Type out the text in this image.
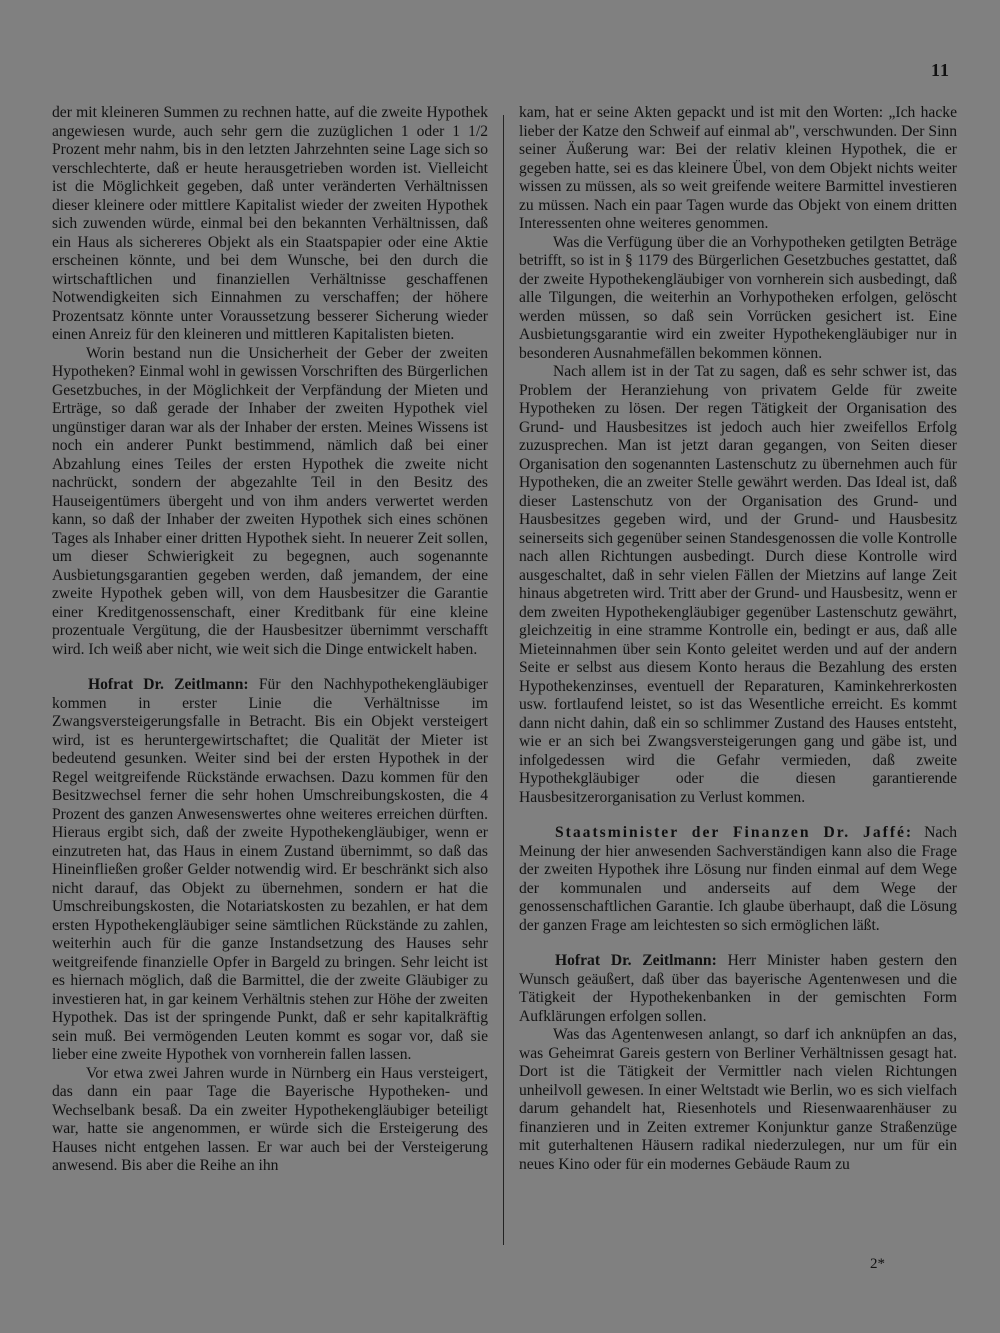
11

der mit kleineren Summen zu rechnen hatte, auf die zweite Hypothek angewiesen wurde, auch sehr gern die zuzüglichen 1 oder 1 1/2 Prozent mehr nahm, bis in den letzten Jahrzehnten seine Lage sich so verschlechterte, daß er heute herausgetrieben worden ist. Vielleicht ist die Möglichkeit gegeben, daß unter veränderten Verhältnissen dieser kleinere oder mittlere Kapitalist wieder der zweiten Hypothek sich zuwenden würde, einmal bei den bekannten Verhältnissen, daß ein Haus als sichereres Objekt als ein Staatspapier oder eine Aktie erscheinen könnte, und bei dem Wunsche, bei den durch die wirtschaftlichen und finanziellen Verhältnisse geschaffenen Notwendigkeiten sich Einnahmen zu verschaffen; der höhere Prozentsatz könnte unter Voraussetzung besserer Sicherung wieder einen Anreiz für den kleineren und mittleren Kapitalisten bieten.

Worin bestand nun die Unsicherheit der Geber der zweiten Hypotheken? Einmal wohl in gewissen Vorschriften des Bürgerlichen Gesetzbuches, in der Möglichkeit der Verpfändung der Mieten und Erträge, so daß gerade der Inhaber der zweiten Hypothek viel ungünstiger daran war als der Inhaber der ersten. Meines Wissens ist noch ein anderer Punkt bestimmend, nämlich daß bei einer Abzahlung eines Teiles der ersten Hypothek die zweite nicht nachrückt, sondern der abgezahlte Teil in den Besitz des Hauseigentümers übergeht und von ihm anders verwertet werden kann, so daß der Inhaber der zweiten Hypothek sich eines schönen Tages als Inhaber einer dritten Hypothek sieht. In neuerer Zeit sollen, um dieser Schwierigkeit zu begegnen, auch sogenannte Ausbietungsgarantien gegeben werden, daß jemandem, der eine zweite Hypothek geben will, von dem Hausbesitzer die Garantie einer Kreditgenossenschaft, einer Kreditbank für eine kleine prozentuale Vergütung, die der Hausbesitzer übernimmt verschafft wird. Ich weiß aber nicht, wie weit sich die Dinge entwickelt haben.

Hofrat Dr. Zeitlmann: Für den Nachhypothekengläubiger kommen in erster Linie die Verhältnisse im Zwangsversteigerungsfalle in Betracht. Bis ein Objekt versteigert wird, ist es heruntergewirtschaftet; die Qualität der Mieter ist bedeutend gesunken. Weiter sind bei der ersten Hypothek in der Regel weitgreifende Rückstände erwachsen. Dazu kommen für den Besitzwechsel ferner die sehr hohen Umschreibungskosten, die 4 Prozent des ganzen Anwesenswertes ohne weiteres erreichen dürften. Hieraus ergibt sich, daß der zweite Hypothekengläubiger, wenn er einzutreten hat, das Haus in einem Zustand übernimmt, so daß das Hineinfließen großer Gelder notwendig wird. Er beschränkt sich also nicht darauf, das Objekt zu übernehmen, sondern er hat die Umschreibungskosten, die Notariatskosten zu bezahlen, er hat dem ersten Hypothekengläubiger seine sämtlichen Rückstände zu zahlen, weiterhin auch für die ganze Instandsetzung des Hauses sehr weitgreifende finanzielle Opfer in Bargeld zu bringen. Sehr leicht ist es hiernach möglich, daß die Barmittel, die der zweite Gläubiger zu investieren hat, in gar keinem Verhältnis stehen zur Höhe der zweiten Hypothek. Das ist der springende Punkt, daß er sehr kapitalkräftig sein muß. Bei vermögenden Leuten kommt es sogar vor, daß sie lieber eine zweite Hypothek von vornherein fallen lassen.

Vor etwa zwei Jahren wurde in Nürnberg ein Haus versteigert, das dann ein paar Tage die Bayerische Hypotheken- und Wechselbank besaß. Da ein zweiter Hypothekengläubiger beteiligt war, hatte sie angenommen, er würde sich die Ersteigerung des Hauses nicht entgehen lassen. Er war auch bei der Versteigerung anwesend. Bis aber die Reihe an ihn

kam, hat er seine Akten gepackt und ist mit den Worten: „Ich hacke lieber der Katze den Schweif auf einmal ab", verschwunden. Der Sinn seiner Äußerung war: Bei der relativ kleinen Hypothek, die er gegeben hatte, sei es das kleinere Übel, von dem Objekt nichts weiter wissen zu müssen, als so weit greifende weitere Barmittel investieren zu müssen. Nach ein paar Tagen wurde das Objekt von einem dritten Interessenten ohne weiteres genommen.

Was die Verfügung über die an Vorhypotheken getilgten Beträge betrifft, so ist in § 1179 des Bürgerlichen Gesetzbuches gestattet, daß der zweite Hypothekengläubiger von vornherein sich ausbedingt, daß alle Tilgungen, die weiterhin an Vorhypotheken erfolgen, gelöscht werden müssen, so daß sein Vorrücken gesichert ist. Eine Ausbietungsgarantie wird ein zweiter Hypothekengläubiger nur in besonderen Ausnahmefällen bekommen können.

Nach allem ist in der Tat zu sagen, daß es sehr schwer ist, das Problem der Heranziehung von privatem Gelde für zweite Hypotheken zu lösen. Der regen Tätigkeit der Organisation des Grund- und Hausbesitzes ist jedoch auch hier zweifellos Erfolg zuzusprechen. Man ist jetzt daran gegangen, von Seiten dieser Organisation den sogenannten Lastenschutz zu übernehmen auch für Hypotheken, die an zweiter Stelle gewährt werden. Das Ideal ist, daß dieser Lastenschutz von der Organisation des Grund- und Hausbesitzes gegeben wird, und der Grund- und Hausbesitz seinerseits sich gegenüber seinen Standesgenossen die volle Kontrolle nach allen Richtungen ausbedingt. Durch diese Kontrolle wird ausgeschaltet, daß in sehr vielen Fällen der Mietzins auf lange Zeit hinaus abgetreten wird. Tritt aber der Grund- und Hausbesitz, wenn er dem zweiten Hypothekengläubiger gegenüber Lastenschutz gewährt, gleichzeitig in eine stramme Kontrolle ein, bedingt er aus, daß alle Mieteinnahmen über sein Konto geleitet werden und auf der andern Seite er selbst aus diesem Konto heraus die Bezahlung des ersten Hypothekenzinses, eventuell der Reparaturen, Kaminkehrerkosten usw. fortlaufend leistet, so ist das Wesentliche erreicht. Es kommt dann nicht dahin, daß ein so schlimmer Zustand des Hauses entsteht, wie er an sich bei Zwangsversteigerungen gang und gäbe ist, und infolgedessen wird die Gefahr vermieden, daß zweite Hypothekgläubiger oder die diesen garantierende Hausbesitzerorganisation zu Verlust kommen.

Staatsminister der Finanzen Dr. Jaffé: Nach Meinung der hier anwesenden Sachverständigen kann also die Frage der zweiten Hypothek ihre Lösung nur finden einmal auf dem Wege der kommunalen und anderseits auf dem Wege der genossenschaftlichen Garantie. Ich glaube überhaupt, daß die Lösung der ganzen Frage am leichtesten so sich ermöglichen läßt.

Hofrat Dr. Zeitlmann: Herr Minister haben gestern den Wunsch geäußert, daß über das bayerische Agentenwesen und die Tätigkeit der Hypothekenbanken in der gemischten Form Aufklärungen erfolgen sollen.

Was das Agentenwesen anlangt, so darf ich anknüpfen an das, was Geheimrat Gareis gestern von Berliner Verhältnissen gesagt hat. Dort ist die Tätigkeit der Vermittler nach vielen Richtungen unheilvoll gewesen. In einer Weltstadt wie Berlin, wo es sich vielfach darum gehandelt hat, Riesenhotels und Riesenwaarenhäuser zu finanzieren und in Zeiten extremer Konjunktur ganze Straßenzüge mit guterhaltenen Häusern radikal niederzulegen, nur um für ein neues Kino oder für ein modernes Gebäude Raum zu

2*
